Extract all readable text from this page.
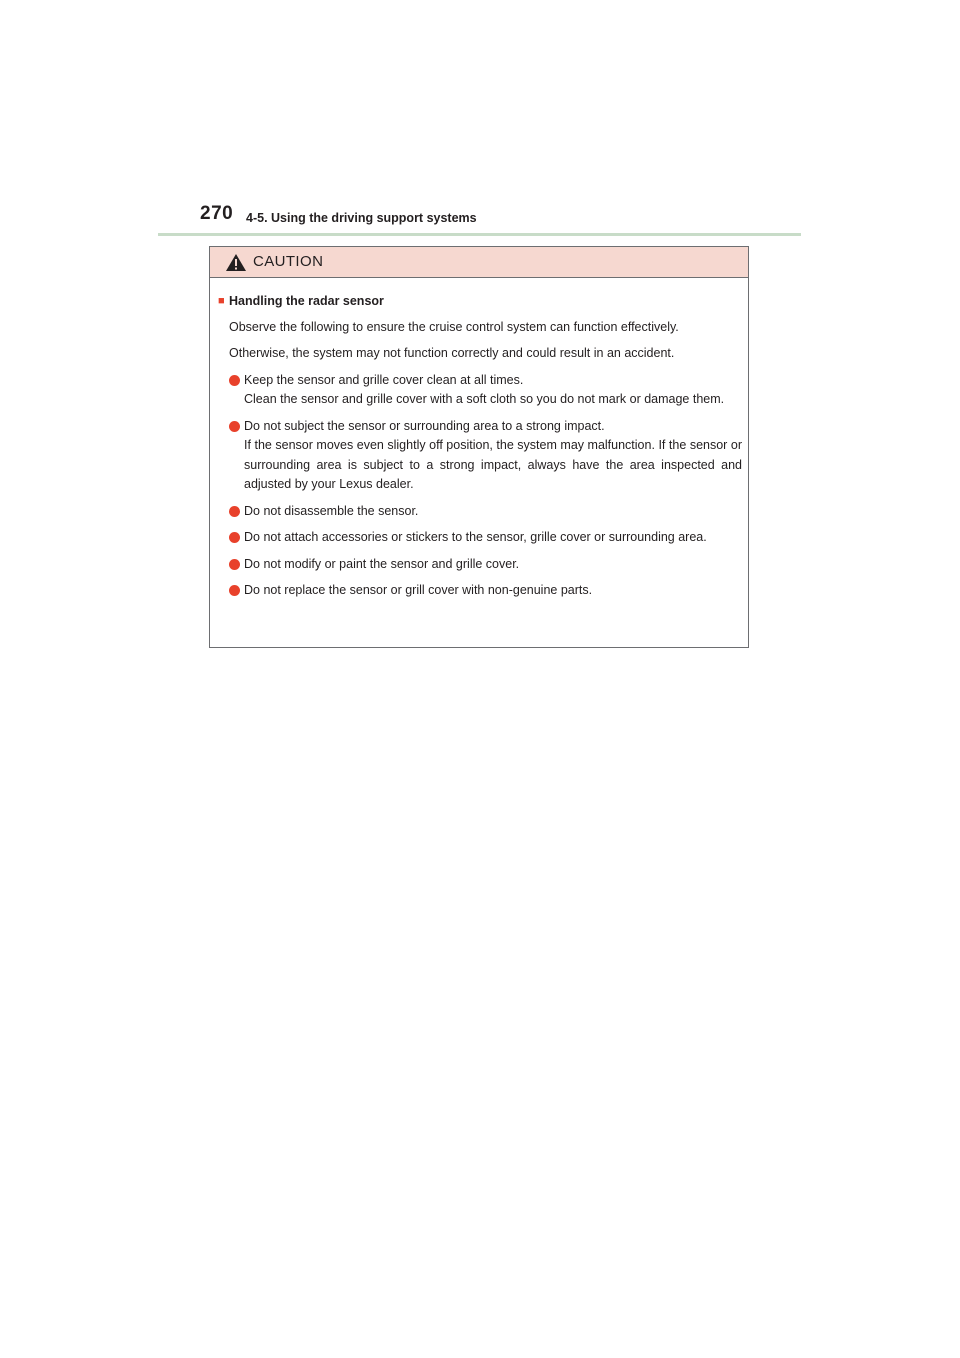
270 4-5. Using the driving support systems
CAUTION
■ Handling the radar sensor
Observe the following to ensure the cruise control system can function effectively.
Otherwise, the system may not function correctly and could result in an accident.
Keep the sensor and grille cover clean at all times.
Clean the sensor and grille cover with a soft cloth so you do not mark or damage them.
Do not subject the sensor or surrounding area to a strong impact.
If the sensor moves even slightly off position, the system may malfunction. If the sensor or surrounding area is subject to a strong impact, always have the area inspected and adjusted by your Lexus dealer.
Do not disassemble the sensor.
Do not attach accessories or stickers to the sensor, grille cover or surrounding area.
Do not modify or paint the sensor and grille cover.
Do not replace the sensor or grill cover with non-genuine parts.
